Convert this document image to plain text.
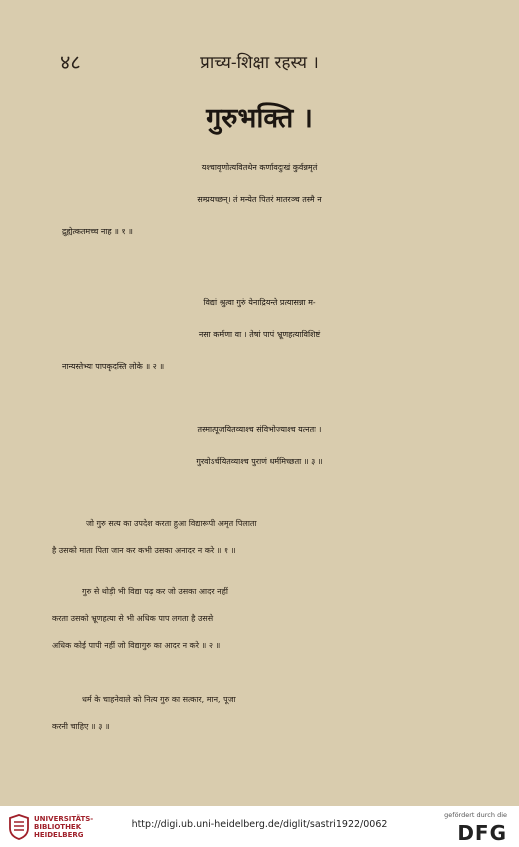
४८	प्राच्य-शिक्षा रहस्य ।
गुरुभक्ति ।
यश्चावृणोत्यवितथेन कर्णावदुःखं कुर्वन्नमृतं
सम्प्रयच्छन्। तं मन्येत पितरं मातरञ्च तस्मै न
द्रुह्येत्कतमच्च नाह ॥ १ ॥
विद्यां श्रुत्वा गुरुं येनाद्रियन्ते प्रत्यासन्ना म-
नसा कर्मणा वा । तेषां पापं भ्रूणहत्याविशिष्टं
नान्यस्तेभ्यः पापकृदस्ति लोके ॥ २ ॥
तस्मात्पूजयितव्याश्च संविभोज्याश्च यत्नतः ।
गुरवोऽर्चयितव्याश्च पुराणं धर्ममिच्छता ॥ ३ ॥
जो गुरु सत्य का उपदेश करता हुआ विद्यारूपी अमृत पिलाता
है उसको माता पिता जान कर कभी उसका अनादर न करे ॥ १ ॥
गुरु से थोड़ी भी विद्या पढ़ कर जो उसका आदर नहीं
करता उसको भ्रूणहत्या से भी अधिक पाप लगता है उससे
अधिक कोई पापी नहीं जो विद्यागुरु का आदर न करे ॥ २ ॥
धर्म के चाहनेवाले को नित्य गुरु का सत्कार, मान, पूजा
करनी चाहिए ॥ ३ ॥
UNIVERSITÄTS-
BIBLIOTHEK
HEIDELBERG
http://digi.ub.uni-heidelberg.de/diglit/sastri1922/0062
gefördert durch die
DFG
